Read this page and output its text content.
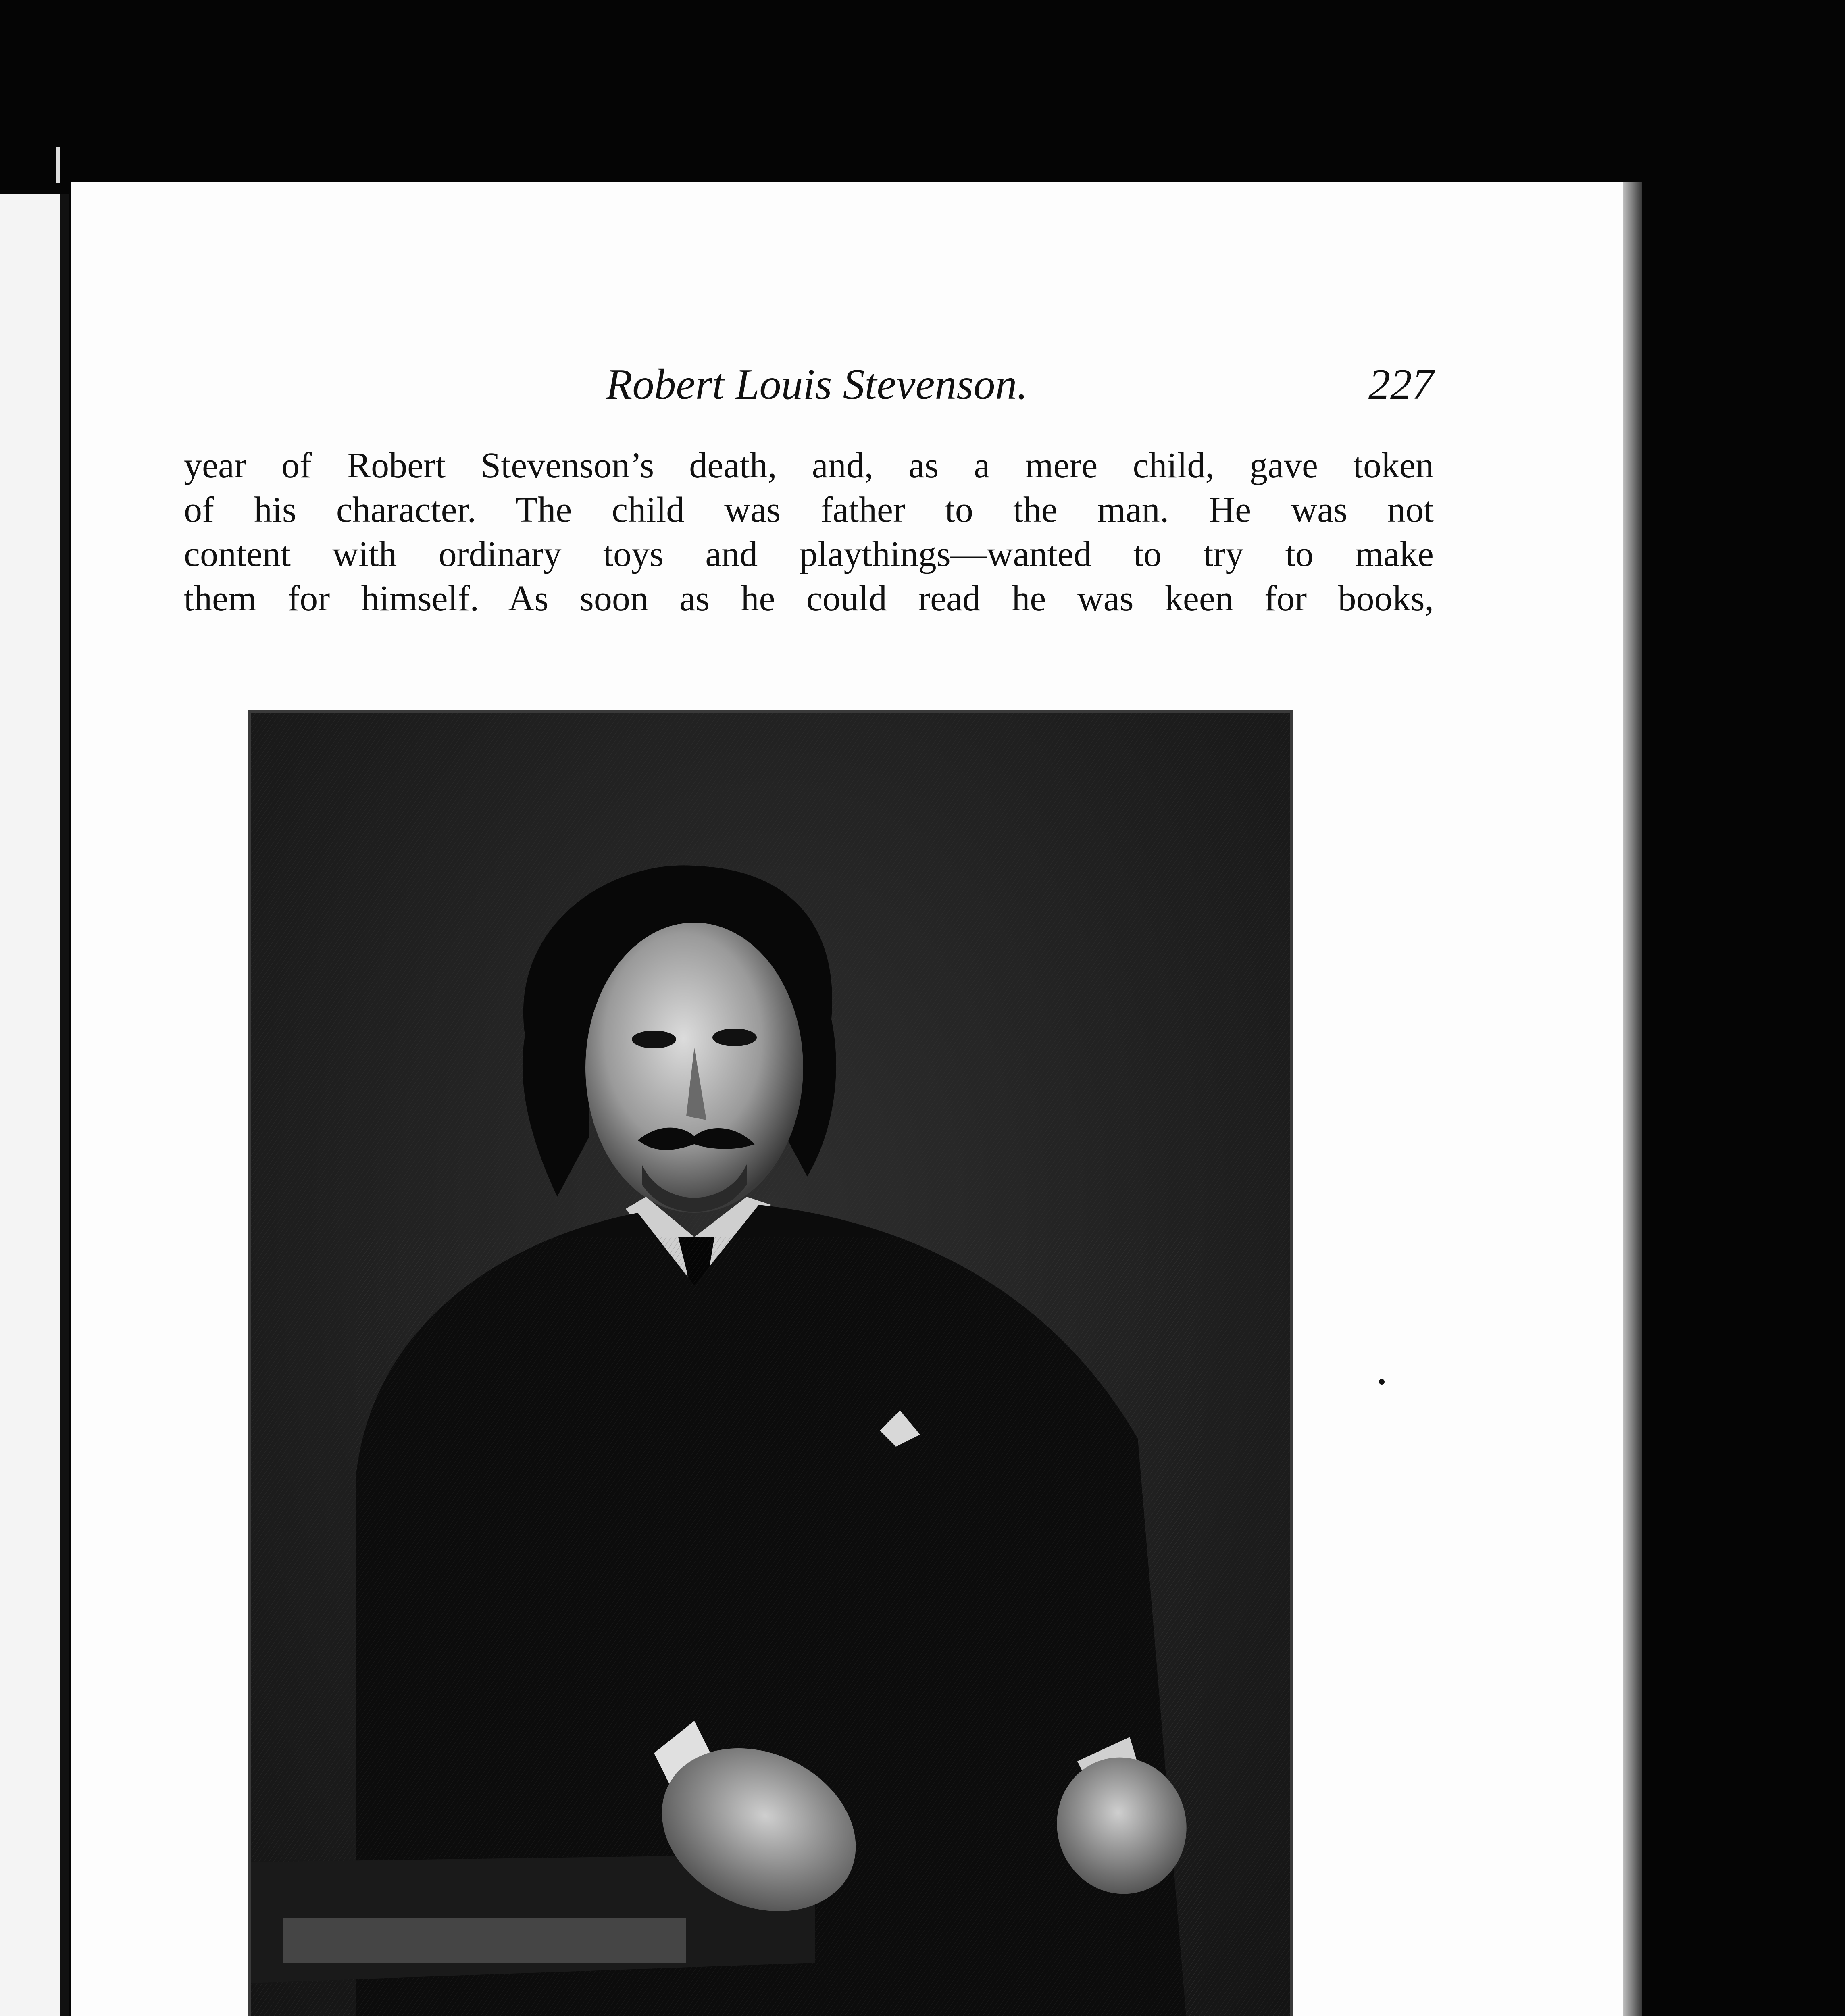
Robert Louis Stevenson.	227
year of Robert Stevenson’s death, and, as a mere child, gave token
of his character. The child was father to the man. He was not
content with ordinary toys and playthings—wanted to try to make
them for himself. As soon as he could read he was keen for books,
